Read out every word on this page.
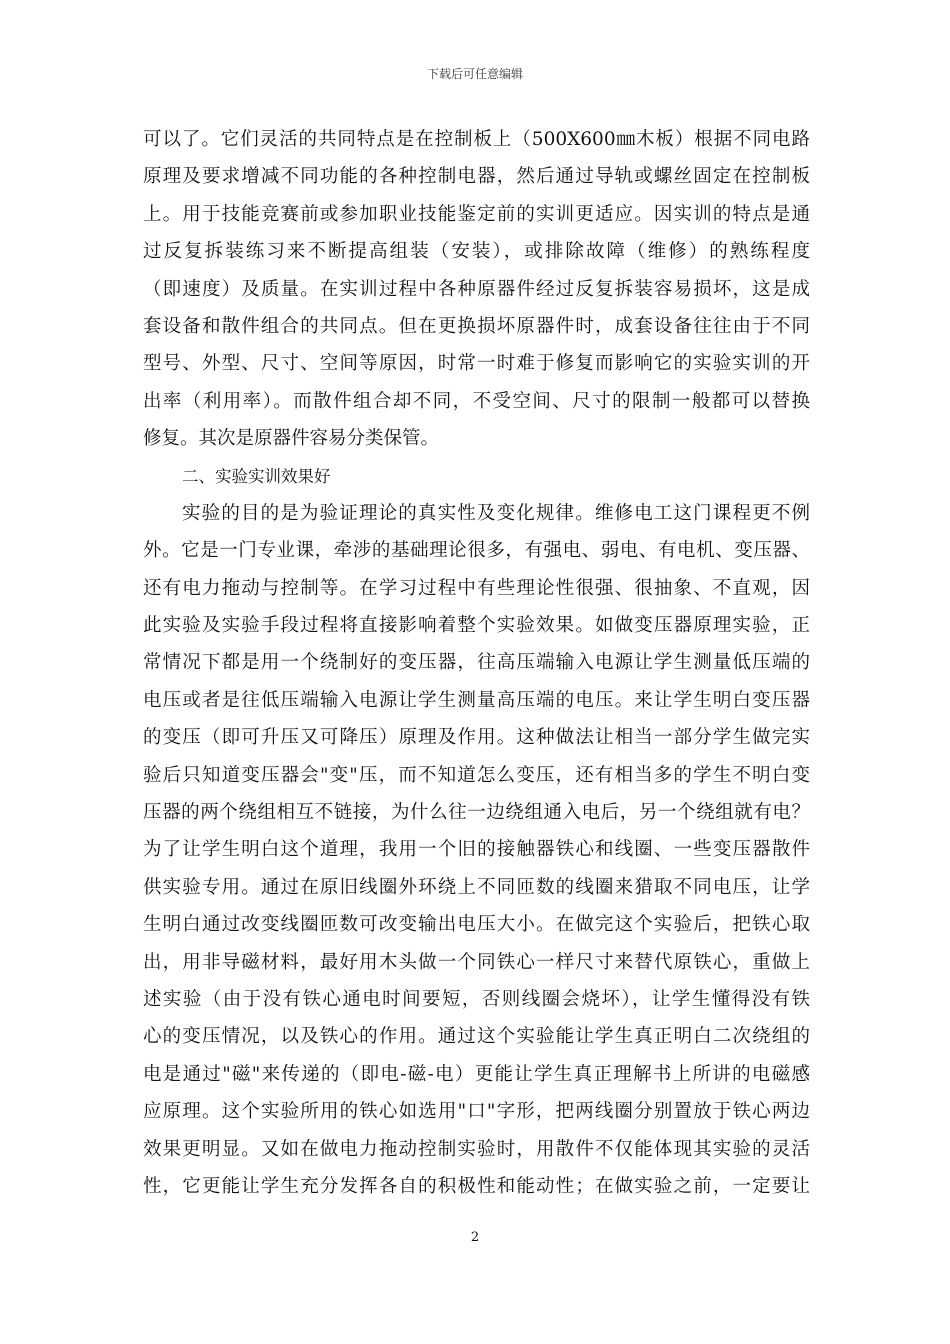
下载后可任意编辑
可以了。它们灵活的共同特点是在控制板上（500X600㎜木板）根据不同电路
原理及要求增减不同功能的各种控制电器，然后通过导轨或螺丝固定在控制板
上。用于技能竞赛前或参加职业技能鉴定前的实训更适应。因实训的特点是通
过反复拆装练习来不断提高组装（安装），或排除故障（维修）的熟练程度
（即速度）及质量。在实训过程中各种原器件经过反复拆装容易损坏，这是成
套设备和散件组合的共同点。但在更换损坏原器件时，成套设备往往由于不同
型号、外型、尺寸、空间等原因，时常一时难于修复而影响它的实验实训的开
出率（利用率）。而散件组合却不同，不受空间、尺寸的限制一般都可以替换
修复。其次是原器件容易分类保管。
二、实验实训效果好
实验的目的是为验证理论的真实性及变化规律。维修电工这门课程更不例
外。它是一门专业课，牵涉的基础理论很多，有强电、弱电、有电机、变压器、
还有电力拖动与控制等。在学习过程中有些理论性很强、很抽象、不直观，因
此实验及实验手段过程将直接影响着整个实验效果。如做变压器原理实验，正
常情况下都是用一个绕制好的变压器，往高压端输入电源让学生测量低压端的
电压或者是往低压端输入电源让学生测量高压端的电压。来让学生明白变压器
的变压（即可升压又可降压）原理及作用。这种做法让相当一部分学生做完实
验后只知道变压器会"变"压，而不知道怎么变压，还有相当多的学生不明白变
压器的两个绕组相互不链接，为什么往一边绕组通入电后，另一个绕组就有电？
为了让学生明白这个道理，我用一个旧的接触器铁心和线圈、一些变压器散件
供实验专用。通过在原旧线圈外环绕上不同匝数的线圈来猎取不同电压，让学
生明白通过改变线圈匝数可改变输出电压大小。在做完这个实验后，把铁心取
出，用非导磁材料，最好用木头做一个同铁心一样尺寸来替代原铁心，重做上
述实验（由于没有铁心通电时间要短，否则线圈会烧坏），让学生懂得没有铁
心的变压情况，以及铁心的作用。通过这个实验能让学生真正明白二次绕组的
电是通过"磁"来传递的（即电-磁-电）更能让学生真正理解书上所讲的电磁感
应原理。这个实验所用的铁心如选用"口"字形，把两线圈分别置放于铁心两边
效果更明显。又如在做电力拖动控制实验时，用散件不仅能体现其实验的灵活
性，它更能让学生充分发挥各自的积极性和能动性；在做实验之前，一定要让
2
